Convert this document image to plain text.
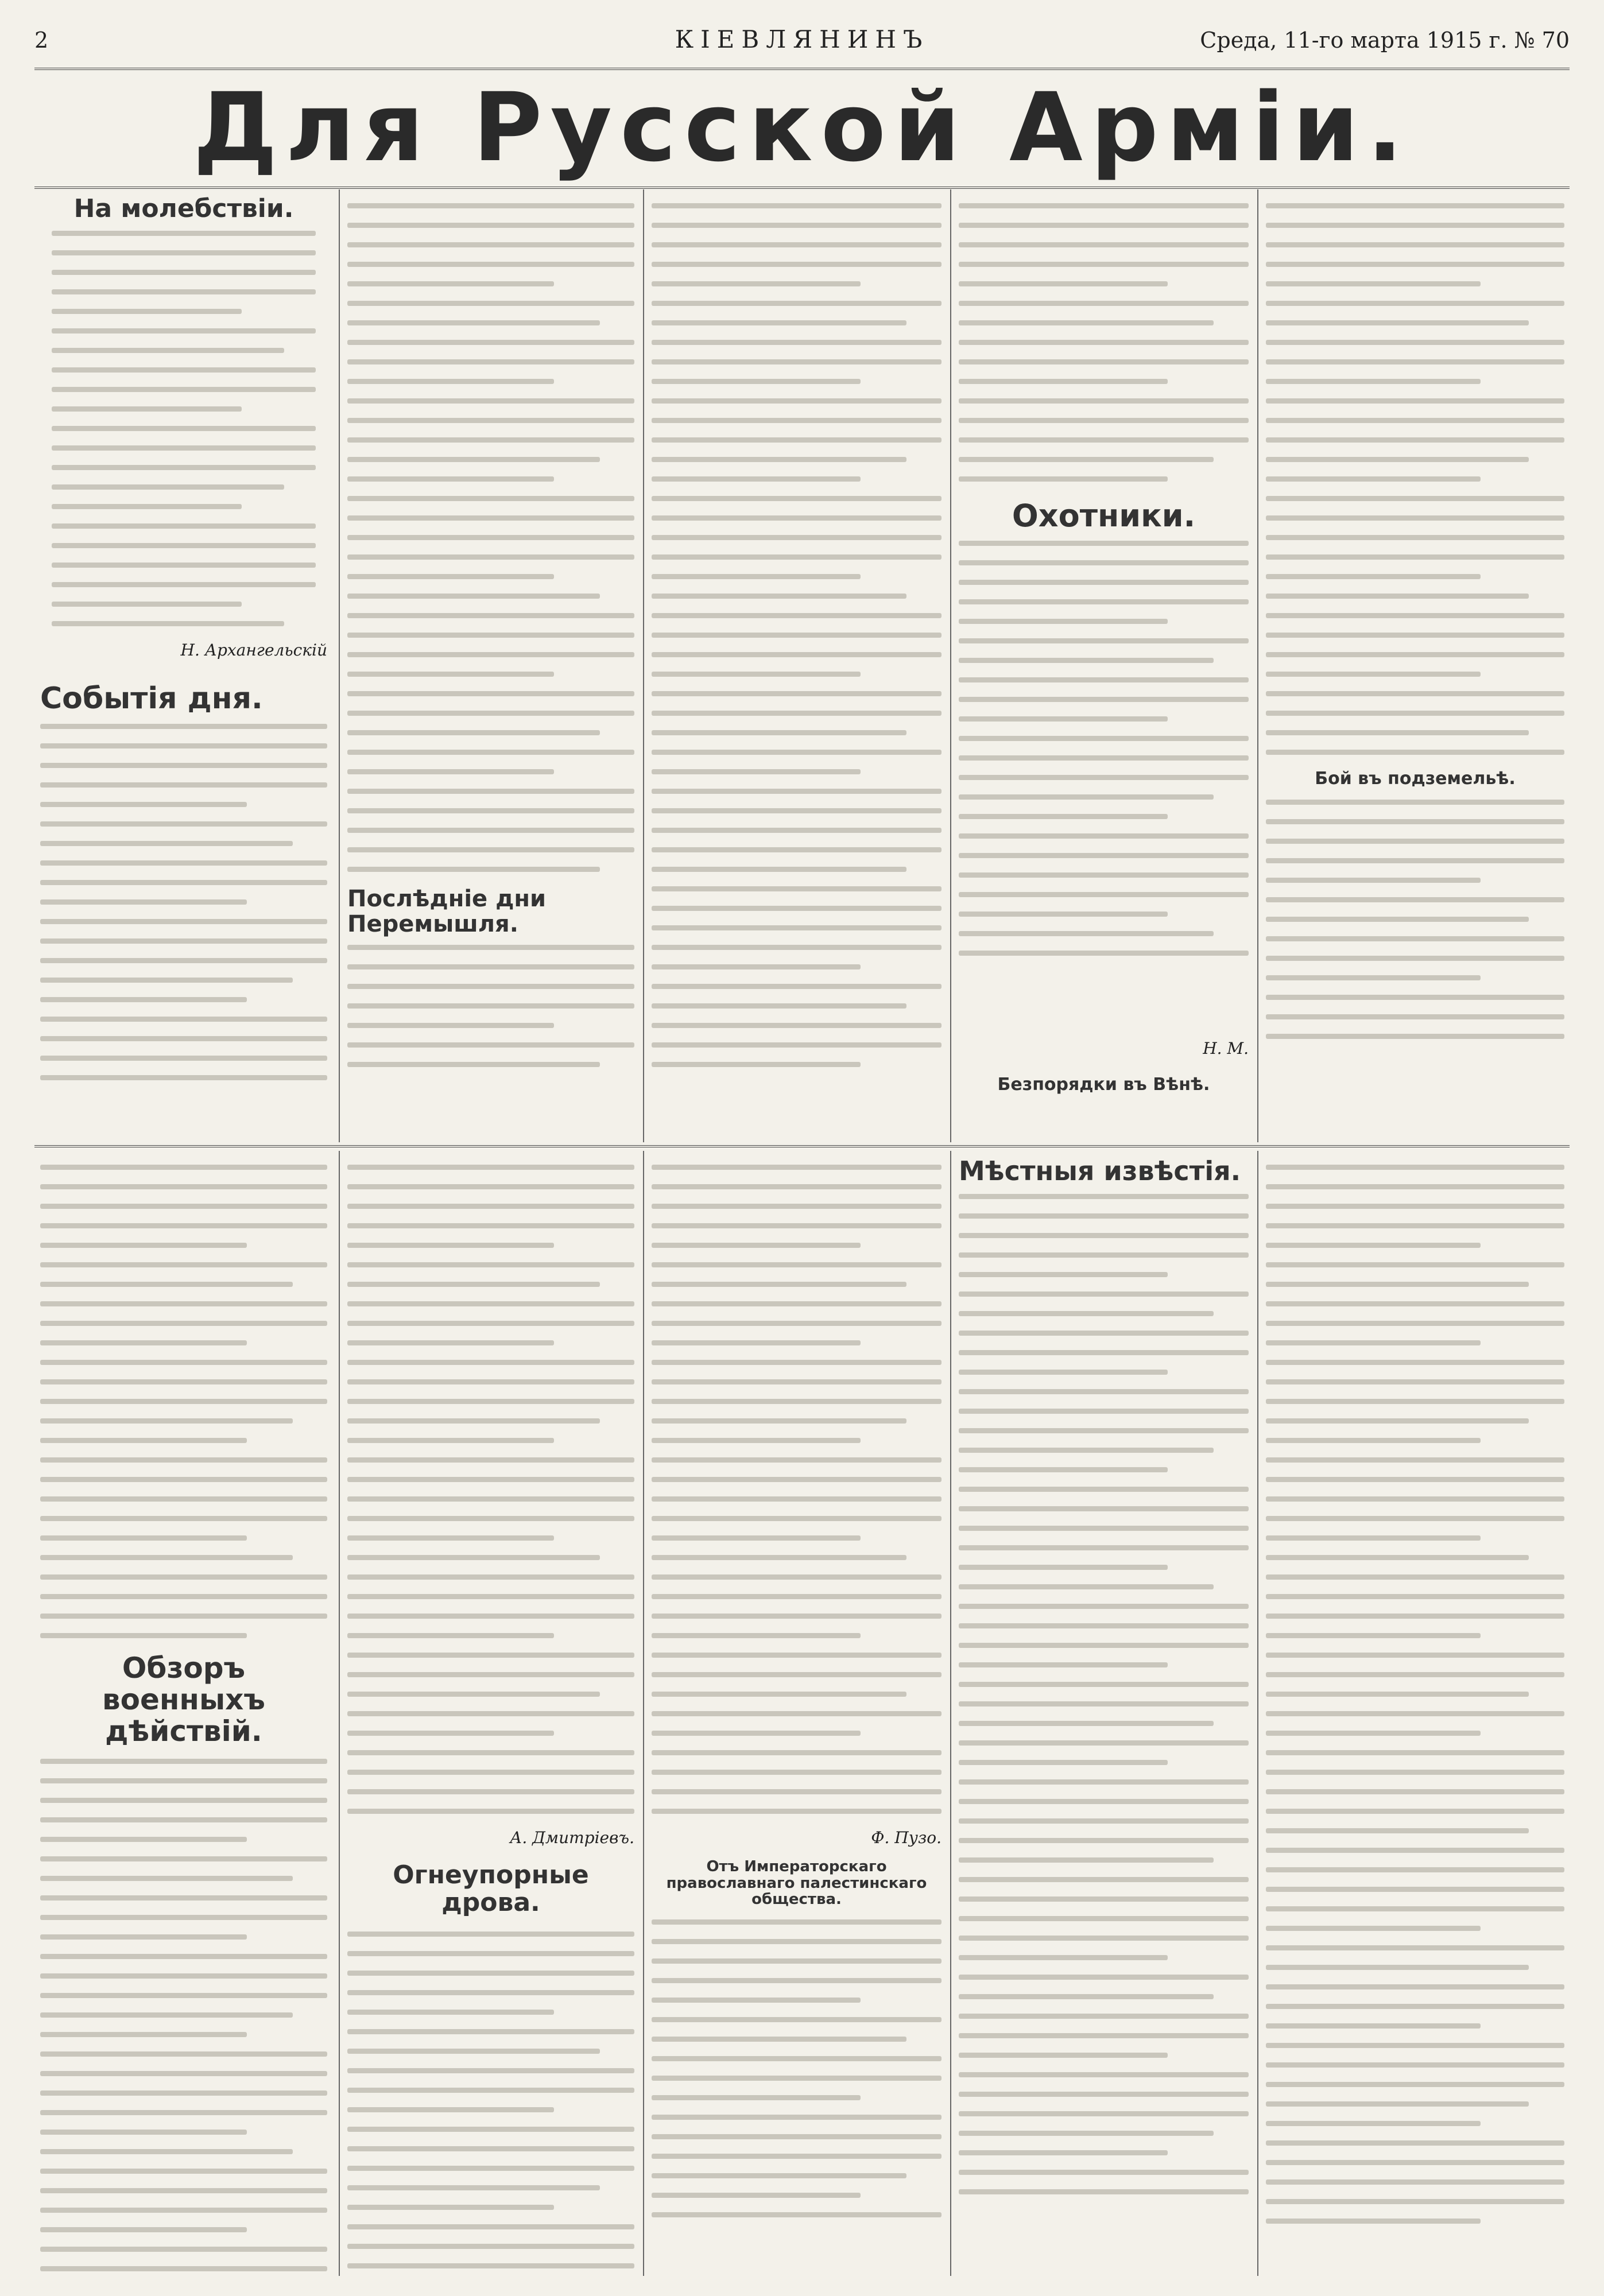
2	КІЕВЛЯНИНЪ	Среда, 11-го марта 1915 г. № 70
Для Русской Арміи.
На молебствіи.
Н. Архангельскій
Событія дня.
Послѣдніе дни Перемышля.
Охотники.
Бой въ подземельѣ.
Н. М.
Безпорядки въ Вѣнѣ.
Обзоръ военныхъ дѣйствій.
А. Дмитріевъ.
Огнеупорные дрова.
Ф. Пузо.
Отъ Императорскаго православнаго палестинскаго общества.
Мѣстныя извѣстія.
